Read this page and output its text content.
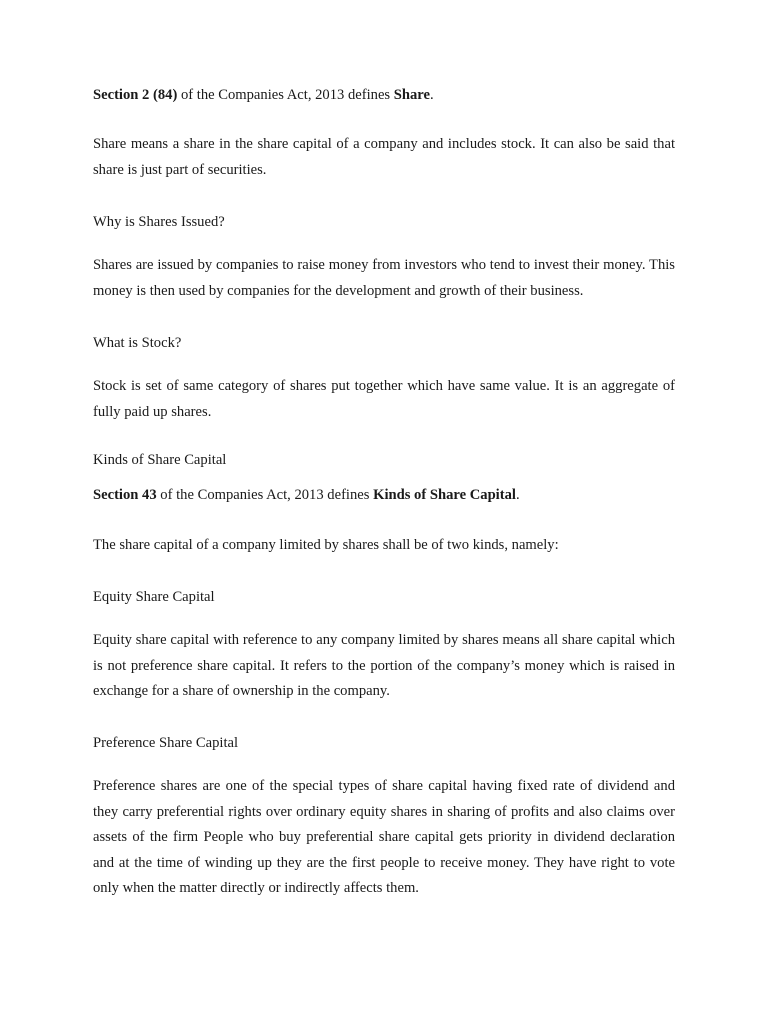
Section 2 (84) of the Companies Act, 2013 defines Share.

Share means a share in the share capital of a company and includes stock. It can also be said that share is just part of securities.

Why is Shares Issued?

Shares are issued by companies to raise money from investors who tend to invest their money. This money is then used by companies for the development and growth of their business.

What is Stock?

Stock is set of same category of shares put together which have same value. It is an aggregate of fully paid up shares.

Kinds of Share Capital

Section 43 of the Companies Act, 2013 defines Kinds of Share Capital.

The share capital of a company limited by shares shall be of two kinds, namely:

Equity Share Capital

Equity share capital with reference to any company limited by shares means all share capital which is not preference share capital. It refers to the portion of the company’s money which is raised in exchange for a share of ownership in the company.

Preference Share Capital

Preference shares are one of the special types of share capital having fixed rate of dividend and they carry preferential rights over ordinary equity shares in sharing of profits and also claims over assets of the firm People who buy preferential share capital gets priority in dividend declaration and at the time of winding up they are the first people to receive money. They have right to vote only when the matter directly or indirectly affects them.
